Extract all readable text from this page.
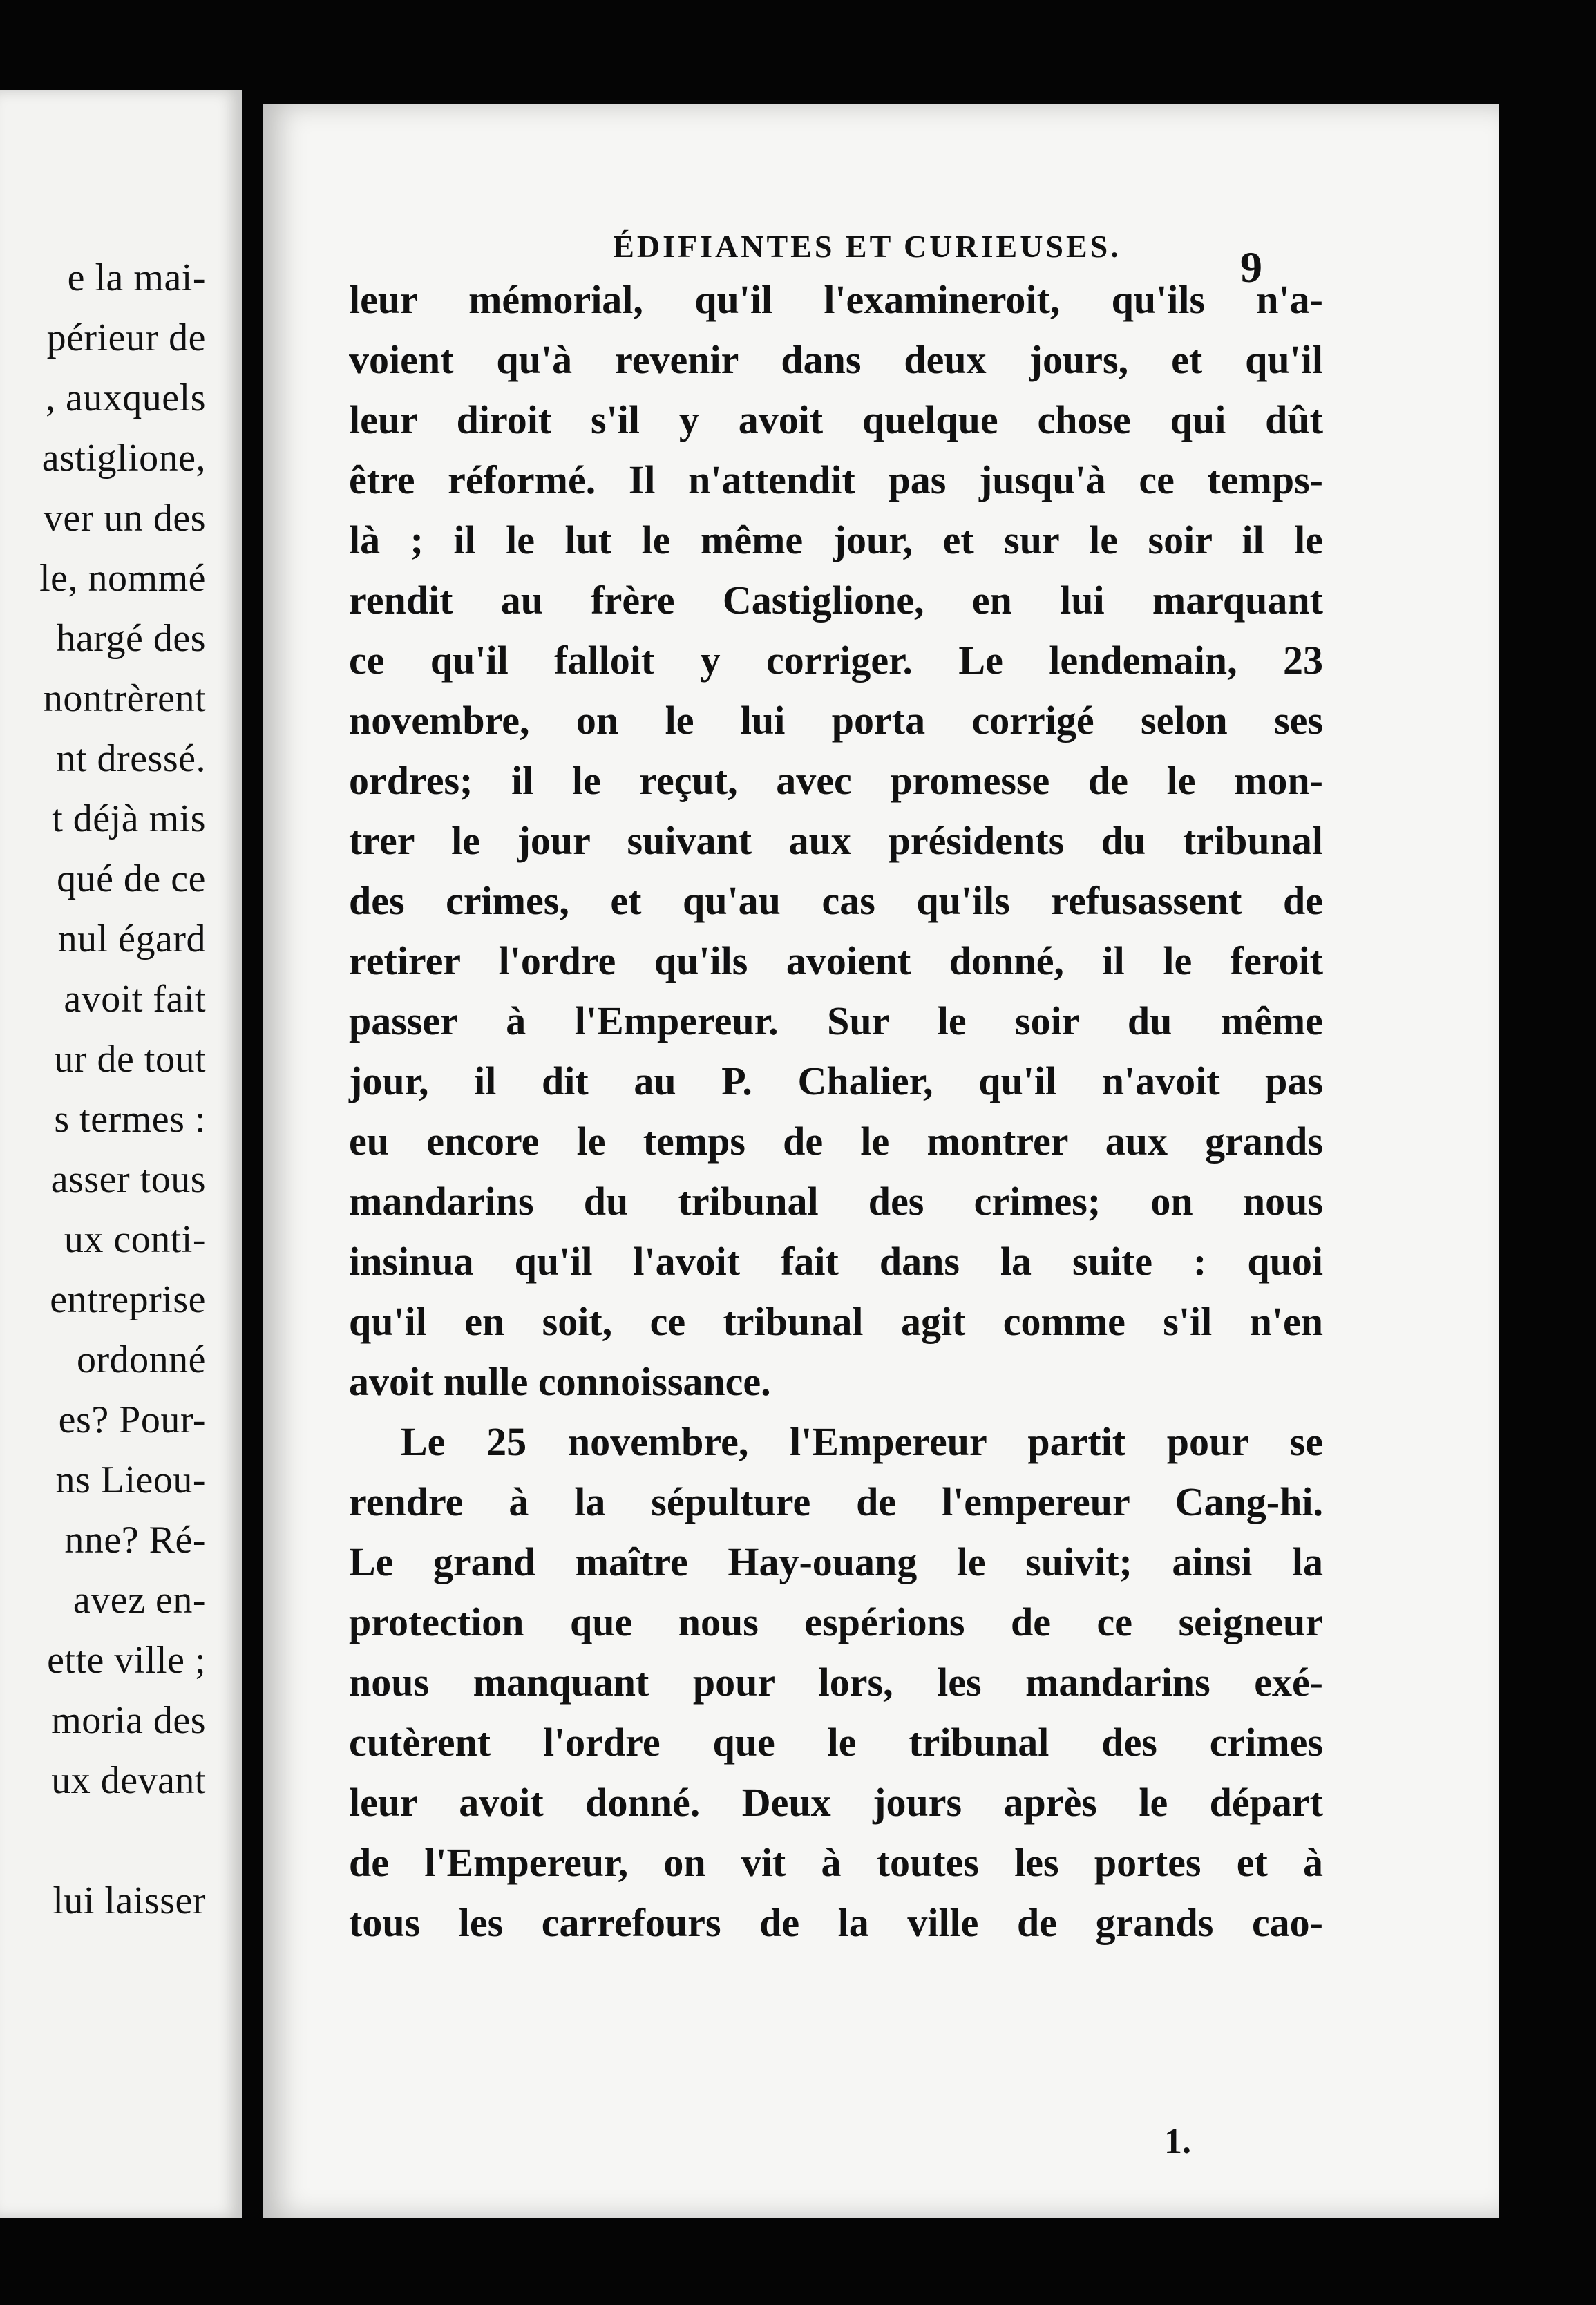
e la mai-
périeur de
, auxquels
astiglione,
ver un des
le, nommé
hargé des
nontrèrent
nt dressé.
t déjà mis
qué de ce
nul égard
avoit fait
ur de tout
s termes :
asser tous
ux conti-
entreprise
ordonné
es? Pour-
ns Lieou-
nne? Ré-
avez en-
ette ville ;
moria des
ux devant
lui laisser
ÉDIFIANTES ET CURIEUSES.	9
leur mémorial, qu'il l'examineroit, qu'ils n'a-
voient qu'à revenir dans deux jours, et qu'il
leur diroit s'il y avoit quelque chose qui dût
être réformé. Il n'attendit pas jusqu'à ce temps-
là ; il le lut le même jour, et sur le soir il le
rendit au frère Castiglione, en lui marquant
ce qu'il falloit y corriger. Le lendemain, 23
novembre, on le lui porta corrigé selon ses
ordres; il le reçut, avec promesse de le mon-
trer le jour suivant aux présidents du tribunal
des crimes, et qu'au cas qu'ils refusassent de
retirer l'ordre qu'ils avoient donné, il le feroit
passer à l'Empereur. Sur le soir du même
jour, il dit au P. Chalier, qu'il n'avoit pas
eu encore le temps de le montrer aux grands
mandarins du tribunal des crimes; on nous
insinua qu'il l'avoit fait dans la suite : quoi
qu'il en soit, ce tribunal agit comme s'il n'en
avoit nulle connoissance.
Le 25 novembre, l'Empereur partit pour se
rendre à la sépulture de l'empereur Cang-hi.
Le grand maître Hay-ouang le suivit; ainsi la
protection que nous espérions de ce seigneur
nous manquant pour lors, les mandarins exé-
cutèrent l'ordre que le tribunal des crimes
leur avoit donné. Deux jours après le départ
de l'Empereur, on vit à toutes les portes et à
tous les carrefours de la ville de grands cao-
1.
